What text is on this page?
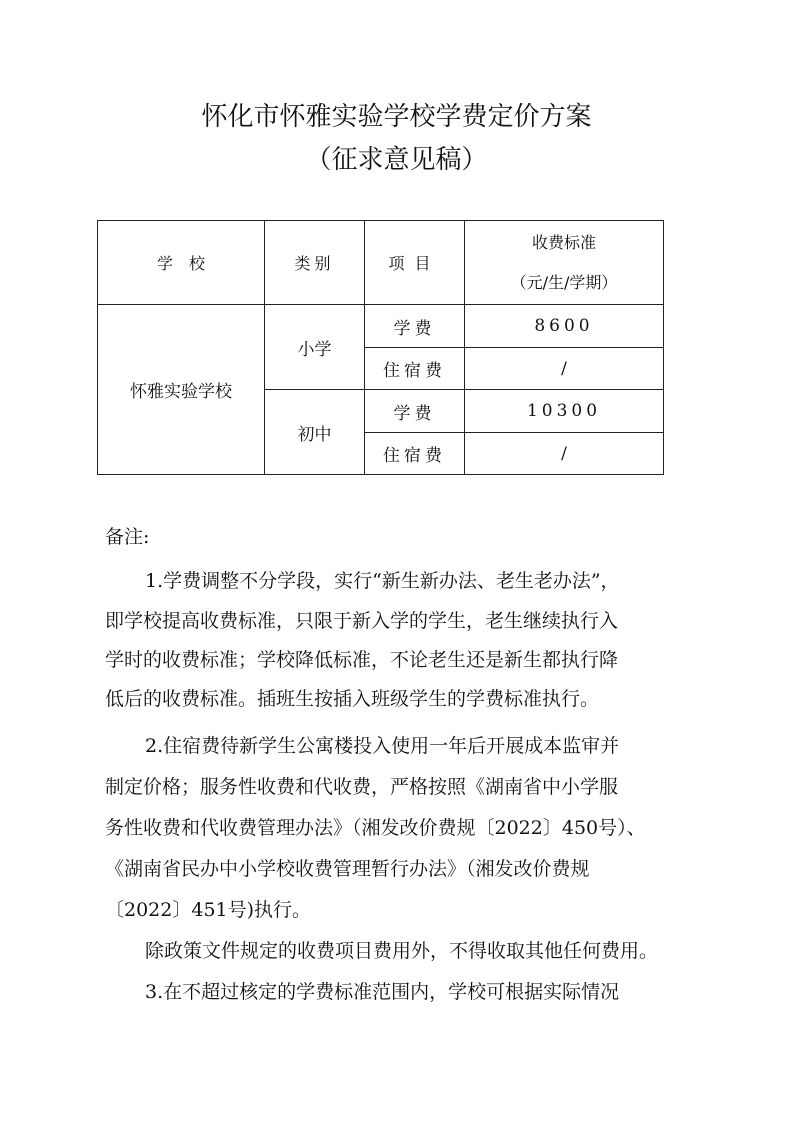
怀化市怀雅实验学校学费定价方案
（征求意见稿）
学　校	类别	项目	收费标准
（元/生/学期）

怀雅实验学校	小学	学费	8600
		住宿费	/
	初中	学费	10300
		住宿费	/
备注:
1.学费调整不分学段，实行“新生新办法、老生老办法”，
即学校提高收费标准，只限于新入学的学生，老生继续执行入
学时的收费标准；学校降低标准，不论老生还是新生都执行降
低后的收费标准。插班生按插入班级学生的学费标准执行。
2.住宿费待新学生公寓楼投入使用一年后开展成本监审并
制定价格；服务性收费和代收费，严格按照《湖南省中小学服
务性收费和代收费管理办法》（湘发改价费规〔2022〕450号）、
《湖南省民办中小学校收费管理暂行办法》（湘发改价费规
〔2022〕451号)执行。
除政策文件规定的收费项目费用外，不得收取其他任何费用。
3.在不超过核定的学费标准范围内，学校可根据实际情况
